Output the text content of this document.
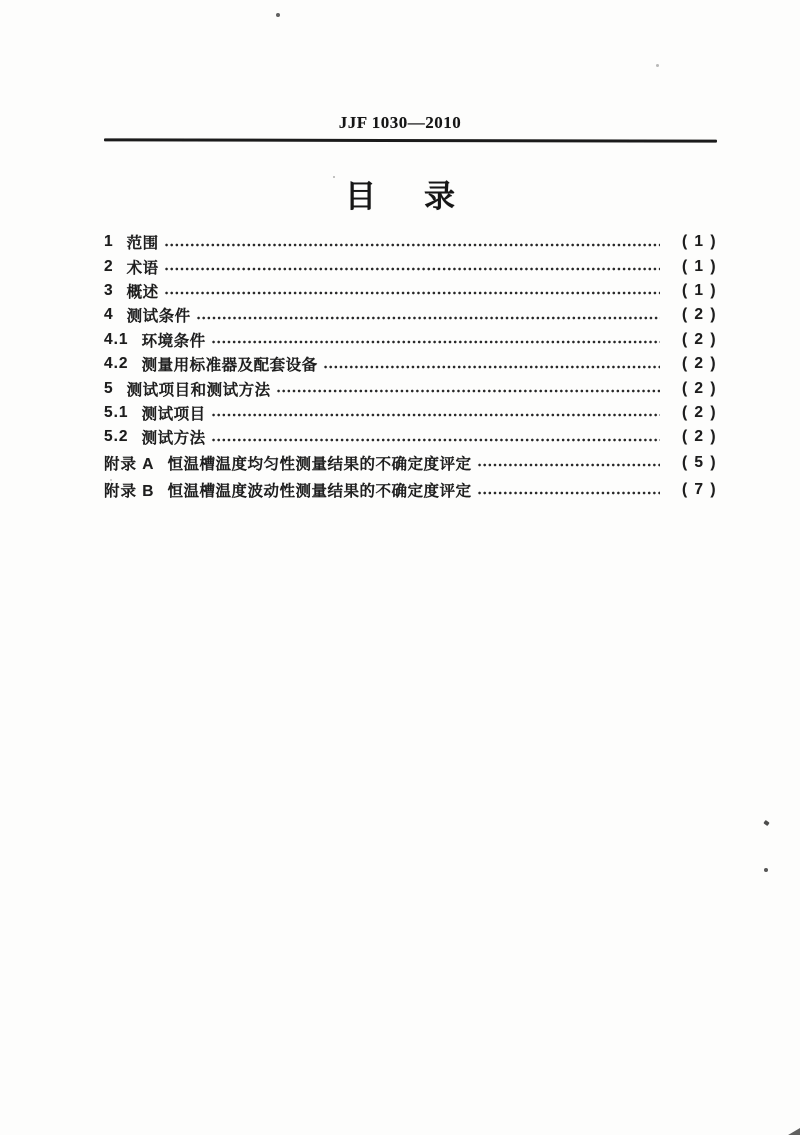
JJF 1030—2010
目 录
1 范围	( 1 )
2 术语	( 1 )
3 概述	( 1 )
4 测试条件	( 2 )
4.1 环境条件	( 2 )
4.2 测量用标准器及配套设备	( 2 )
5 测试项目和测试方法	( 2 )
5.1 测试项目	( 2 )
5.2 测试方法	( 2 )
附录 A 恒温槽温度均匀性测量结果的不确定度评定	( 5 )
附录 B 恒温槽温度波动性测量结果的不确定度评定	( 7 )
